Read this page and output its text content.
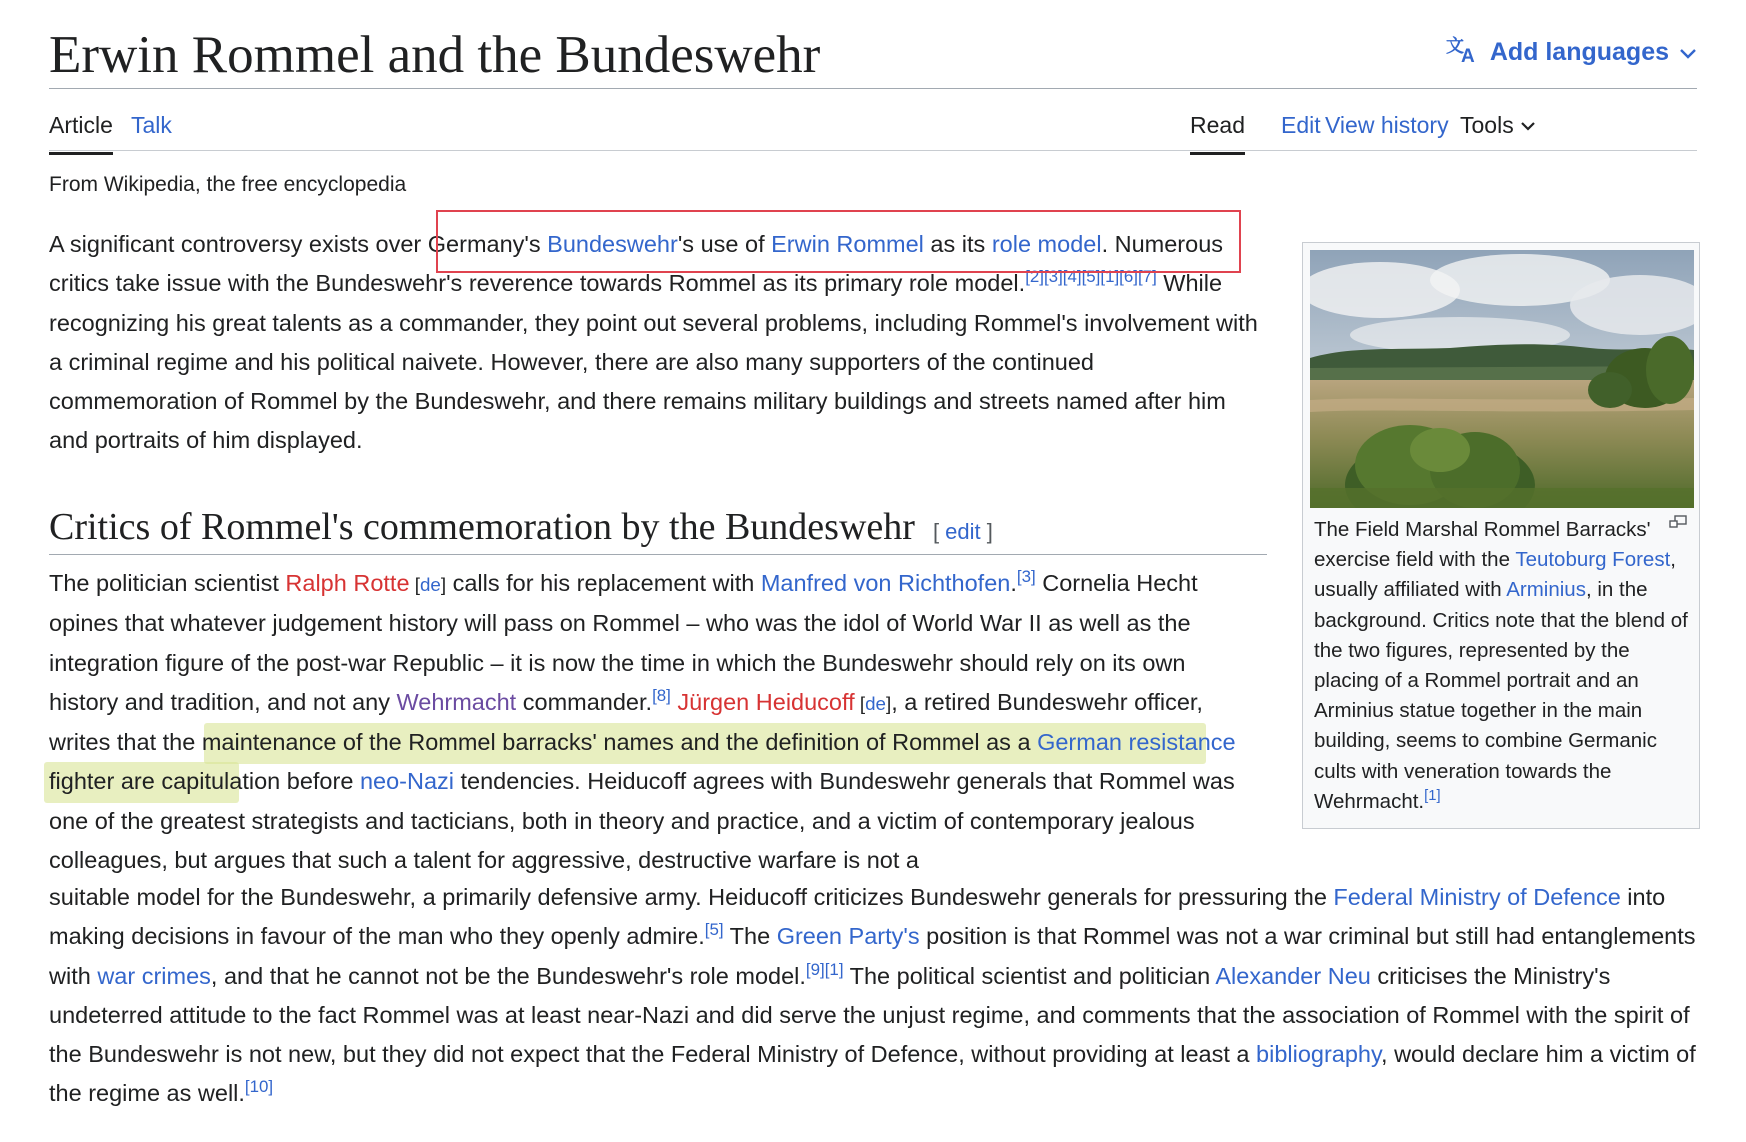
Erwin Rommel and the Bundeswehr	文
A Add languages
Article Talk	Read Edit View history Tools
From Wikipedia, the free encyclopedia

A significant controversy exists over Germany's Bundeswehr's use of Erwin Rommel as its role model. Numerous critics take issue with the Bundeswehr's reverence towards Rommel as its primary role model.[2][3][4][5][1][6][7] While recognizing his great talents as a commander, they point out several problems, including Rommel's involvement with a criminal regime and his political naivete. However, there are also many supporters of the continued commemoration of Rommel by the Bundeswehr, and there remains military buildings and streets named after him and portraits of him displayed.

Critics of Rommel's commemoration by the Bundeswehr [ edit ]

The politician scientist Ralph Rotte [de] calls for his replacement with Manfred von Richthofen.[3] Cornelia Hecht opines that whatever judgement history will pass on Rommel – who was the idol of World War II as well as the integration figure of the post-war Republic – it is now the time in which the Bundeswehr should rely on its own history and tradition, and not any Wehrmacht commander.[8] Jürgen Heiducoff [de], a retired Bundeswehr officer, writes that the maintenance of the Rommel barracks' names and the definition of Rommel as a German resistance fighter are capitulation before neo-Nazi tendencies. Heiducoff agrees with Bundeswehr generals that Rommel was one of the greatest strategists and tacticians, both in theory and practice, and a victim of contemporary jealous colleagues, but argues that such a talent for aggressive, destructive warfare is not a

suitable model for the Bundeswehr, a primarily defensive army. Heiducoff criticizes Bundeswehr generals for pressuring the Federal Ministry of Defence into making decisions in favour of the man who they openly admire.[5] The Green Party's position is that Rommel was not a war criminal but still had entanglements with war crimes, and that he cannot not be the Bundeswehr's role model.[9][1] The political scientist and politician Alexander Neu criticises the Ministry's undeterred attitude to the fact Rommel was at least near-Nazi and did serve the unjust regime, and comments that the association of Rommel with the spirit of the Bundeswehr is not new, but they did not expect that the Federal Ministry of Defence, without providing at least a bibliography, would declare him a victim of the regime as well.[10]

The Field Marshal Rommel Barracks' exercise field with the Teutoburg Forest, usually affiliated with Arminius, in the background. Critics note that the blend of the two figures, represented by the placing of a Rommel portrait and an Arminius statue together in the main building, seems to combine Germanic cults with veneration towards the Wehrmacht.[1]
